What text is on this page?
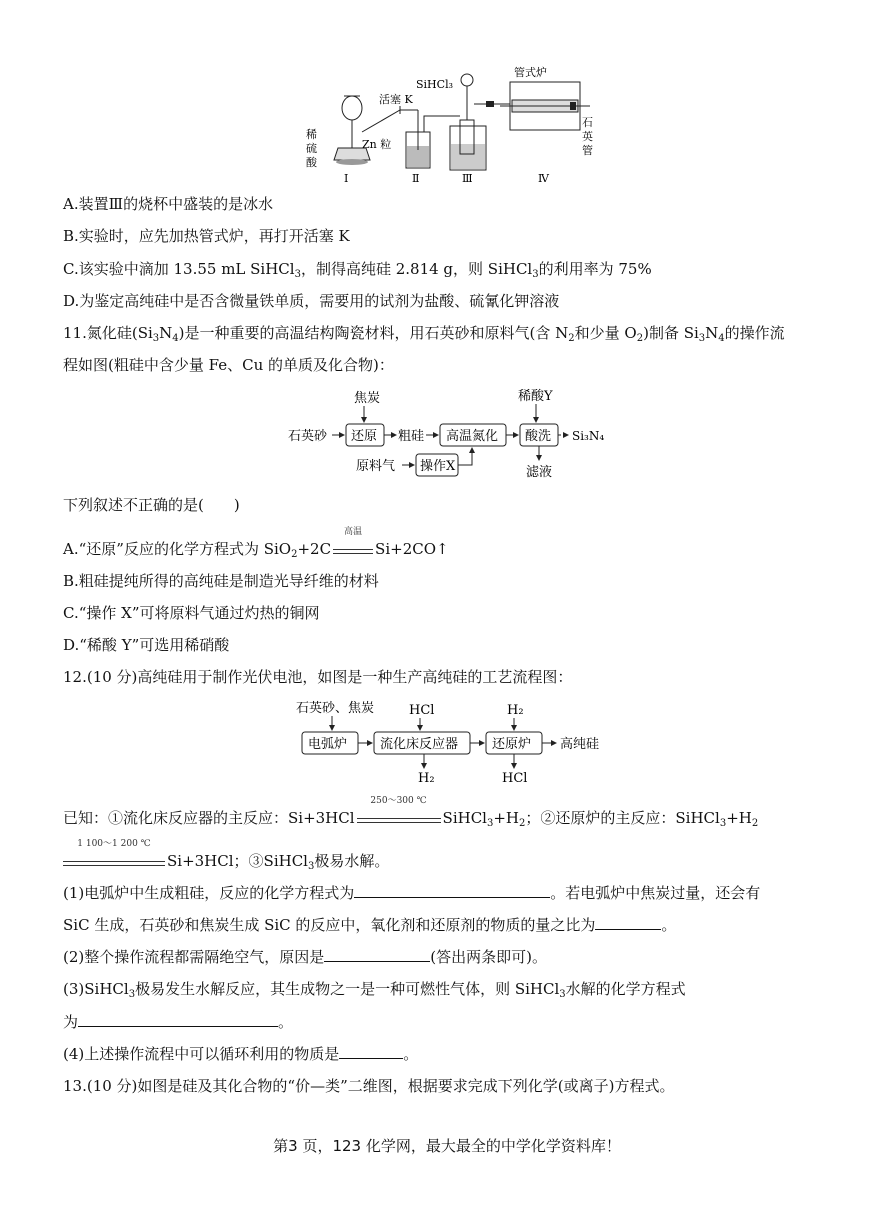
SiHCl₃
活塞 K
Zn 粒
稀
硫
酸
管式炉
石
英
管
Ⅰ	Ⅱ	Ⅲ	Ⅳ
A.装置Ⅲ的烧杯中盛装的是冰水
B.实验时，应先加热管式炉，再打开活塞 K
C.该实验中滴加 13.55 mL SiHCl$_3$，制得高纯硅 2.814 g，则 SiHCl$_3$的利用率为 75%
D.为鉴定高纯硅中是否含微量铁单质，需要用的试剂为盐酸、硫氰化钾溶液
11.氮化硅$(Si_3N_4)$是一种重要的高温结构陶瓷材料，用石英砂和原料气(含 $N_2$和少量 $O_2$)制备 $Si_3N_4$的操作流
程如图(粗硅中含少量 Fe、Cu 的单质及化合物)：
焦炭	稀酸Y
石英砂 还原 粗硅 高温氮化 酸洗 Si₃N₄
滤液
原料气 操作X
下列叙述不正确的是(　　)
A.“还原”反应的化学方程式为 SiO$_2$+2C
高温
Si+2CO↑
B.粗硅提纯所得的高纯硅是制造光导纤维的材料
C.“操作 X”可将原料气通过灼热的铜网
D.“稀酸 Y”可选用稀硝酸
12.(10 分)高纯硅用于制作光伏电池，如图是一种生产高纯硅的工艺流程图：
石英砂、焦炭	HCl	H₂
电弧炉	流化床反应器	还原炉 高纯硅
H₂	HCl
已知：①流化床反应器的主反应：Si+3HCl
250～300 ℃
$SiHCl_3+H_2$；②还原炉的主反应：$SiHCl_3+H_2$
1 100～1 200 ℃
Si+3HCl；③SiHCl$_3$极易水解。
(1)电弧炉中生成粗硅，反应的化学方程式为	。若电弧炉中焦炭过量，还会有
SiC 生成，石英砂和焦炭生成 SiC 的反应中，氧化剂和还原剂的物质的量之比为	。
(2)整个操作流程都需隔绝空气，原因是	(答出两条即可)。
(3)SiHCl$_3$极易发生水解反应，其生成物之一是一种可燃性气体，则 SiHCl$_3$水解的化学方程式
为	。
(4)上述操作流程中可以循环利用的物质是	。
13.(10 分)如图是硅及其化合物的“价—类”二维图，根据要求完成下列化学(或离子)方程式。
第3 页，123 化学网，最大最全的中学化学资料库！
